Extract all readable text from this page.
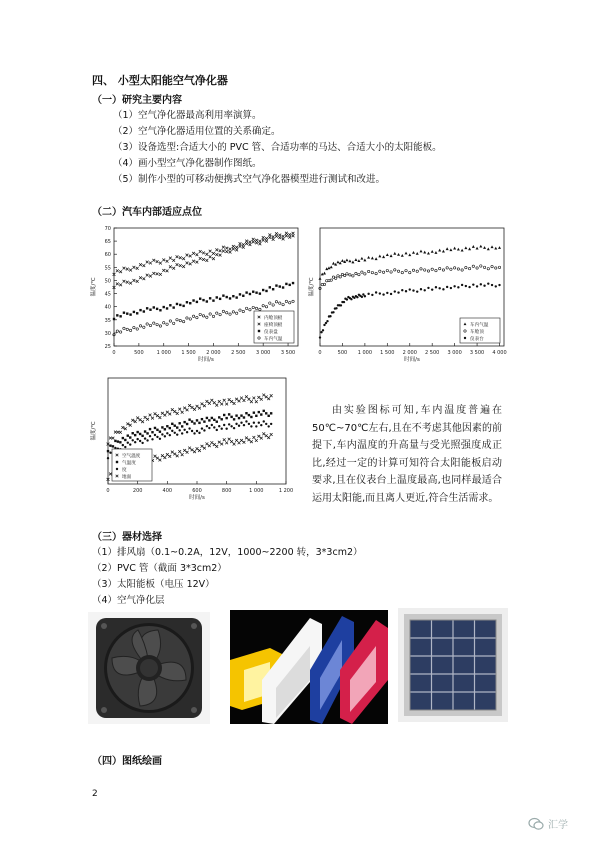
四、 小型太阳能空气净化器
（一）研究主要内容
（1）空气净化器最高利用率演算。
（2）空气净化器适用位置的关系确定。
（3）设备选型:合适大小的 PVC 管、合适功率的马达、合适大小的太阳能板。
（4）画小型空气净化器制作图纸。
（5）制作小型的可移动便携式空气净化器模型进行测试和改进。
（二）汽车内部适应点位
0	500	1 000 1 500 2 000 2 500 3 000 3 500
25
30
35
40
45
50
55
60
65
70
时间/s
温度/℃
内舱顶板
座椅顶板
仪表盘
车内气温
0	500 1 000 1 500 2 000 2 500 3 000 3 500 4 000
时间/s
温度/℃
车内气温
车舱顶
仪表台
0	200	400	600	800	1 000	1 200
时间/s
温度/℃
空气温度
气温度
度
地面
由实验图标可知,车内温度普遍在 50℃~70℃左右,且在不考虑其他因素的前提下,车内温度的升高量与受光照强度成正比,经过一定的计算可知符合太阳能板启动要求,且在仪表台上温度最高,也同样最适合运用太阳能,而且离人更近,符合生活需求。
（三）器材选择
（1）排风扇（0.1~0.2A，12V，1000~2200 转，3*3cm2）
（2）PVC 管（截面 3*3cm2）
（3）太阳能板（电压 12V）
（4）空气净化层
（四）图纸绘画
2
汇学
